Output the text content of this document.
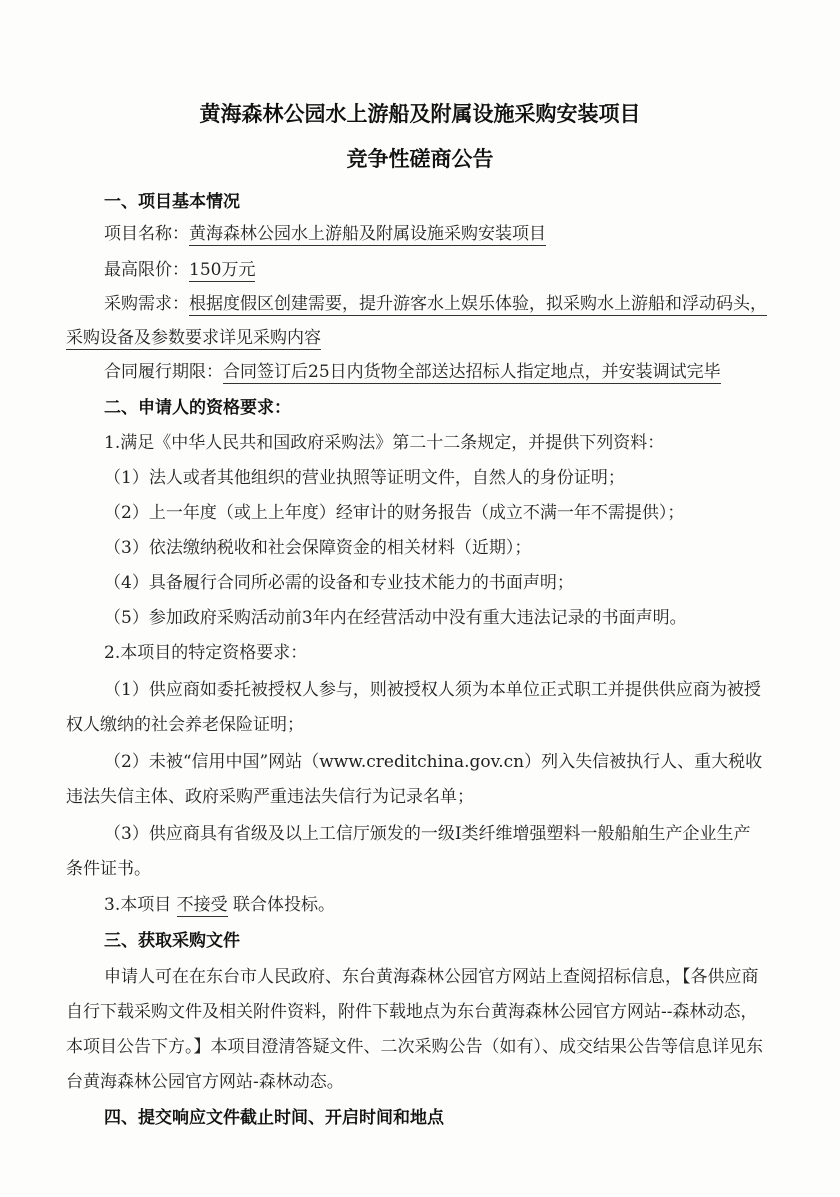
黄海森林公园水上游船及附属设施采购安装项目
竞争性磋商公告
一、项目基本情况
项目名称：黄海森林公园水上游船及附属设施采购安装项目
最高限价：150万元
采购需求：根据度假区创建需要，提升游客水上娱乐体验，拟采购水上游船和浮动码头，
采购设备及参数要求详见采购内容
合同履行期限：合同签订后25日内货物全部送达招标人指定地点，并安装调试完毕
二、申请人的资格要求：
1.满足《中华人民共和国政府采购法》第二十二条规定，并提供下列资料：
（1）法人或者其他组织的营业执照等证明文件，自然人的身份证明；
（2）上一年度（或上上年度）经审计的财务报告（成立不满一年不需提供）；
（3）依法缴纳税收和社会保障资金的相关材料（近期）；
（4）具备履行合同所必需的设备和专业技术能力的书面声明；
（5）参加政府采购活动前3年内在经营活动中没有重大违法记录的书面声明。
2.本项目的特定资格要求：
（1）供应商如委托被授权人参与，则被授权人须为本单位正式职工并提供供应商为被授
权人缴纳的社会养老保险证明；
（2）未被“信用中国”网站（www.creditchina.gov.cn）列入失信被执行人、重大税收
违法失信主体、政府采购严重违法失信行为记录名单；
（3）供应商具有省级及以上工信厅颁发的一级Ⅰ类纤维增强塑料一般船舶生产企业生产
条件证书。
3.本项目 不接受 联合体投标。
三、获取采购文件
申请人可在在东台市人民政府、东台黄海森林公园官方网站上查阅招标信息，【各供应商
自行下载采购文件及相关附件资料，附件下载地点为东台黄海森林公园官方网站--森林动态，
本项目公告下方。】本项目澄清答疑文件、二次采购公告（如有）、成交结果公告等信息详见东
台黄海森林公园官方网站-森林动态。
四、提交响应文件截止时间、开启时间和地点
